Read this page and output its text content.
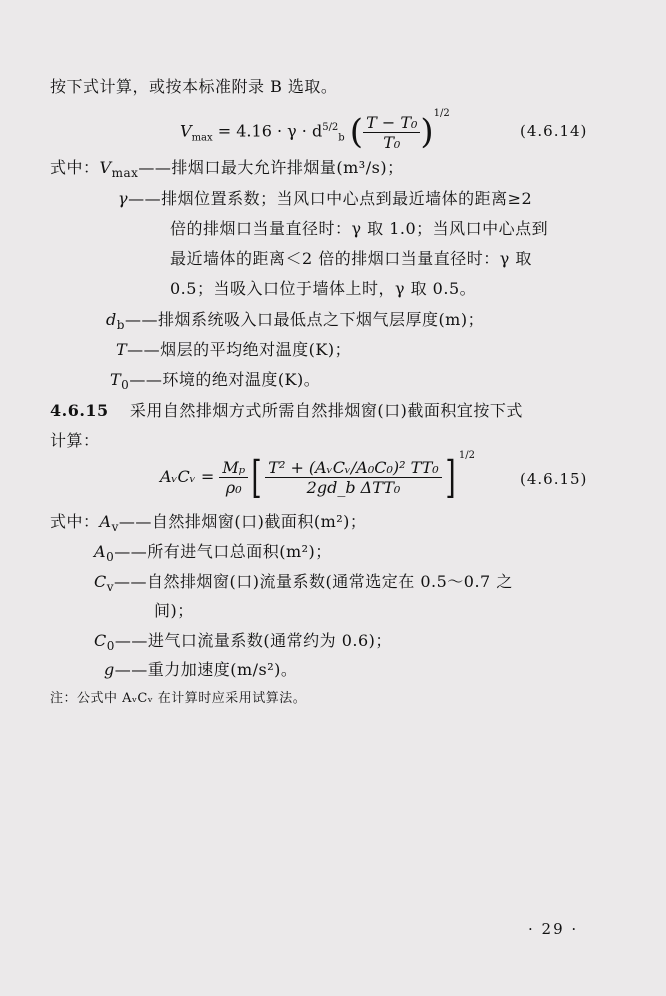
按下式计算，或按本标准附录 B 选取。
$V_{max} = 4.16 \cdot \gamma \cdot d^{5/2}_b$ ( $\frac{\text{T − T₀}}{\text{T₀}} )^{1/2}$
(4.6.14)
式中：$V_{max}——$排烟口最大允许排烟量(m³/s)；
γ——排烟位置系数；当风口中心点到最近墙体的距离≥2
倍的排烟口当量直径时：γ 取 1.0；当风口中心点到
最近墙体的距离＜2 倍的排烟口当量直径时：γ 取
0.5；当吸入口位于墙体上时，γ 取 0.5。
$d_b——$排烟系统吸入口最低点之下烟气层厚度(m)；
T——烟层的平均绝对温度(K)；
$T_0——$环境的绝对温度(K)。
4.6.15 采用自然排烟方式所需自然排烟窗(口)截面积宜按下式
计算：
AᵥCᵥ = $\frac{\text{Mₚ}}{\text{ρ₀}}$ [ $\frac{\text{T² + (AᵥCᵥ/A₀C₀)² TT₀}}{\text{2gd\_b ΔTT₀}}$ ] $^{1/2}$
(4.6.15)
式中：$A_v——$自然排烟窗(口)截面积(m²)；
$A_0——$所有进气口总面积(m²)；
$C_v——$自然排烟窗(口)流量系数(通常选定在 0.5～0.7 之
间)；
$C_0——$进气口流量系数(通常约为 0.6)；
g——重力加速度(m/s²)。
注：公式中 AᵥCᵥ 在计算时应采用试算法。
· 29 ·
